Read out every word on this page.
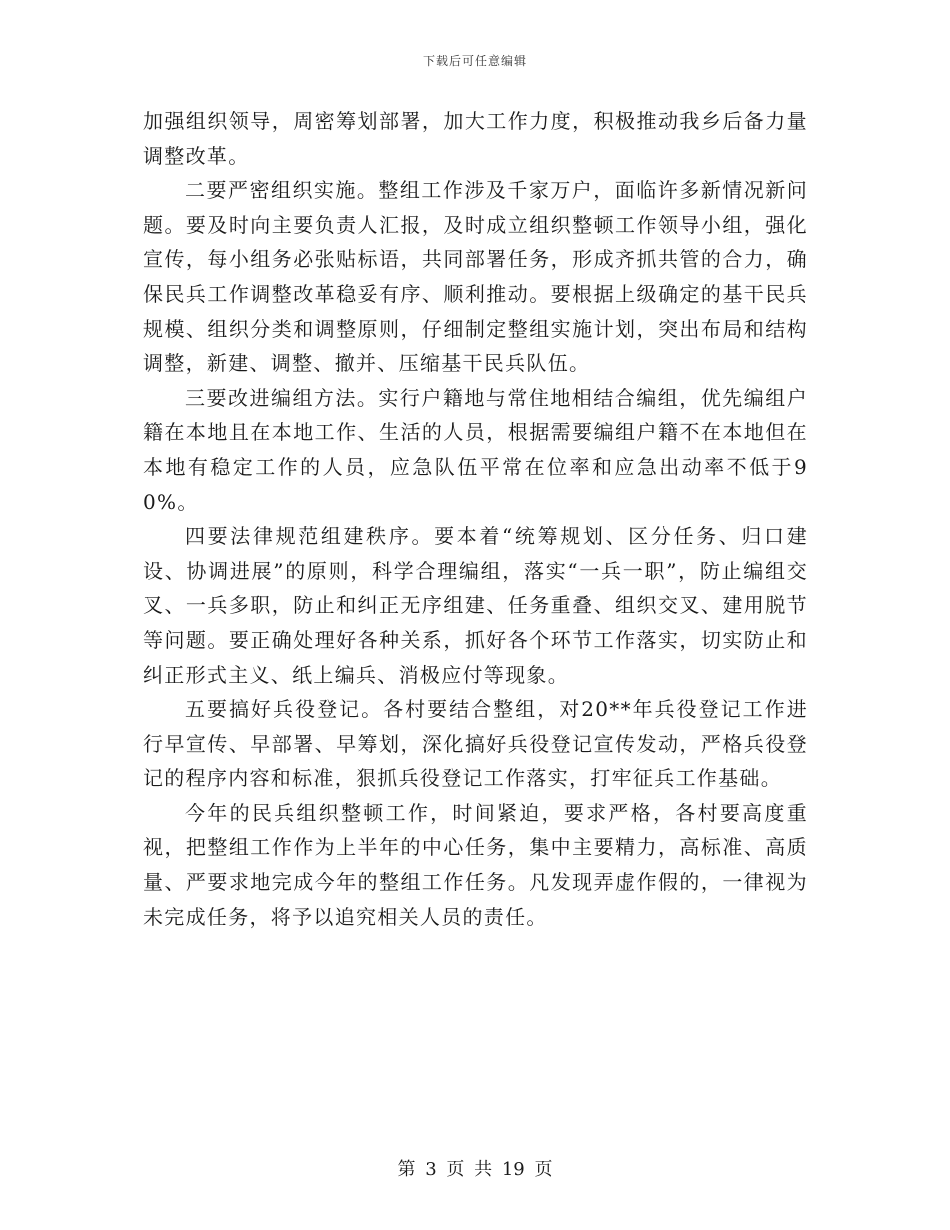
下载后可任意编辑

加强组织领导，周密筹划部署，加大工作力度，积极推动我乡后备力量调整改革。

二要严密组织实施。整组工作涉及千家万户，面临许多新情况新问题。要及时向主要负责人汇报，及时成立组织整顿工作领导小组，强化宣传，每小组务必张贴标语，共同部署任务，形成齐抓共管的合力，确保民兵工作调整改革稳妥有序、顺利推动。要根据上级确定的基干民兵规模、组织分类和调整原则，仔细制定整组实施计划，突出布局和结构调整，新建、调整、撤并、压缩基干民兵队伍。

三要改进编组方法。实行户籍地与常住地相结合编组，优先编组户籍在本地且在本地工作、生活的人员，根据需要编组户籍不在本地但在本地有稳定工作的人员，应急队伍平常在位率和应急出动率不低于90%。

四要法律规范组建秩序。要本着“统筹规划、区分任务、归口建设、协调进展”的原则，科学合理编组，落实“一兵一职”，防止编组交叉、一兵多职，防止和纠正无序组建、任务重叠、组织交叉、建用脱节等问题。要正确处理好各种关系，抓好各个环节工作落实，切实防止和纠正形式主义、纸上编兵、消极应付等现象。

五要搞好兵役登记。各村要结合整组，对20**年兵役登记工作进行早宣传、早部署、早筹划，深化搞好兵役登记宣传发动，严格兵役登记的程序内容和标准，狠抓兵役登记工作落实，打牢征兵工作基础。

今年的民兵组织整顿工作，时间紧迫，要求严格，各村要高度重视，把整组工作作为上半年的中心任务，集中主要精力，高标准、高质量、严要求地完成今年的整组工作任务。凡发现弄虚作假的，一律视为未完成任务，将予以追究相关人员的责任。

第 3 页 共 19 页
